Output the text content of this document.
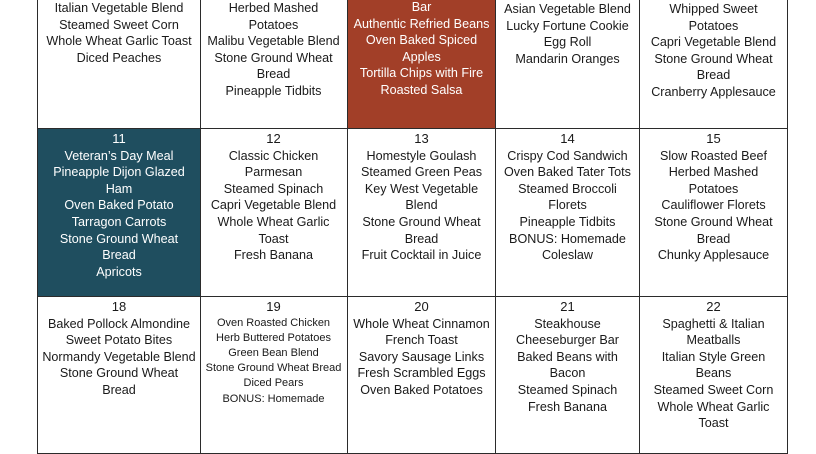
Italian Vegetable Blend
Steamed Sweet Corn
Whole Wheat Garlic Toast
Diced Peaches
Herbed Mashed Potatoes
Malibu Vegetable Blend
Stone Ground Wheat Bread
Pineapple Tidbits
Bar
Authentic Refried Beans
Oven Baked Spiced Apples
Tortilla Chips with Fire Roasted Salsa
Asian Vegetable Blend
Lucky Fortune Cookie
Egg Roll
Mandarin Oranges
Whipped Sweet Potatoes
Capri Vegetable Blend
Stone Ground Wheat Bread
Cranberry Applesauce
11
Veteran’s Day Meal
Pineapple Dijon Glazed Ham
Oven Baked Potato
Tarragon Carrots
Stone Ground Wheat Bread
Apricots
12
Classic Chicken Parmesan
Steamed Spinach
Capri Vegetable Blend
Whole Wheat Garlic Toast
Fresh Banana
13
Homestyle Goulash
Steamed Green Peas
Key West Vegetable Blend
Stone Ground Wheat Bread
Fruit Cocktail in Juice
14
Crispy Cod Sandwich
Oven Baked Tater Tots
Steamed Broccoli Florets
Pineapple Tidbits
BONUS: Homemade Coleslaw
15
Slow Roasted Beef
Herbed Mashed Potatoes
Cauliflower Florets
Stone Ground Wheat Bread
Chunky Applesauce
18
Baked Pollock Almondine
Sweet Potato Bites
Normandy Vegetable Blend
Stone Ground Wheat Bread
19
Oven Roasted Chicken
Herb Buttered Potatoes
Green Bean Blend
Stone Ground Wheat Bread
Diced Pears
BONUS: Homemade
20
Whole Wheat Cinnamon French Toast
Savory Sausage Links
Fresh Scrambled Eggs
Oven Baked Potatoes
21
Steakhouse Cheeseburger Bar
Baked Beans with Bacon
Steamed Spinach
Fresh Banana
22
Spaghetti & Italian Meatballs
Italian Style Green Beans
Steamed Sweet Corn
Whole Wheat Garlic Toast
